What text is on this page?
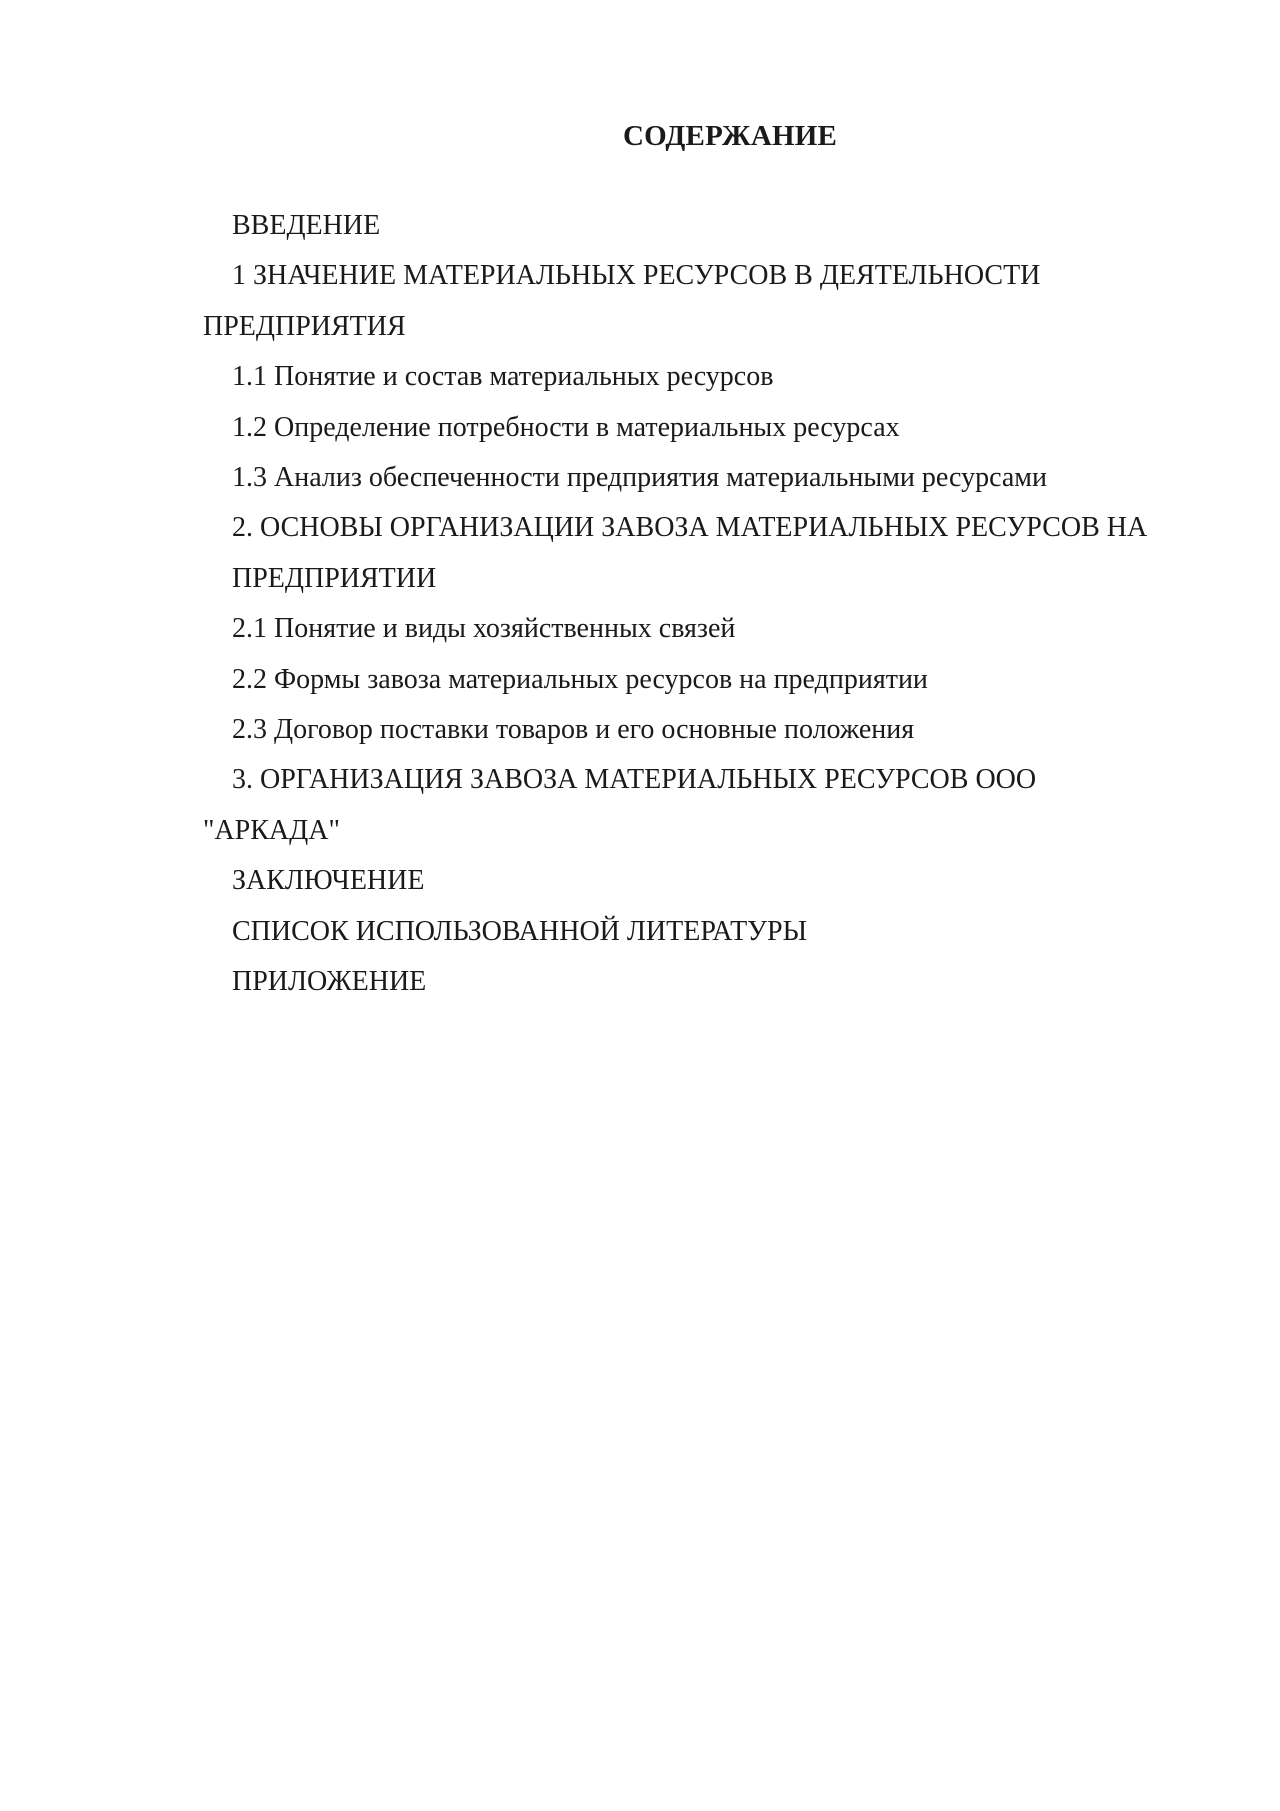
СОДЕРЖАНИЕ
ВВЕДЕНИЕ
1 ЗНАЧЕНИЕ МАТЕРИАЛЬНЫХ РЕСУРСОВ В ДЕЯТЕЛЬНОСТИ ПРЕДПРИЯТИЯ
1.1 Понятие и состав материальных ресурсов
1.2 Определение потребности в материальных ресурсах
1.3 Анализ обеспеченности предприятия материальными ресурсами
2. ОСНОВЫ ОРГАНИЗАЦИИ ЗАВОЗА МАТЕРИАЛЬНЫХ РЕСУРСОВ НА
ПРЕДПРИЯТИИ
2.1 Понятие и виды хозяйственных связей
2.2 Формы завоза материальных ресурсов на предприятии
2.3 Договор поставки товаров и его основные положения
3. ОРГАНИЗАЦИЯ ЗАВОЗА МАТЕРИАЛЬНЫХ РЕСУРСОВ ООО "АРКАДА"
ЗАКЛЮЧЕНИЕ
СПИСОК ИСПОЛЬЗОВАННОЙ ЛИТЕРАТУРЫ
ПРИЛОЖЕНИЕ
